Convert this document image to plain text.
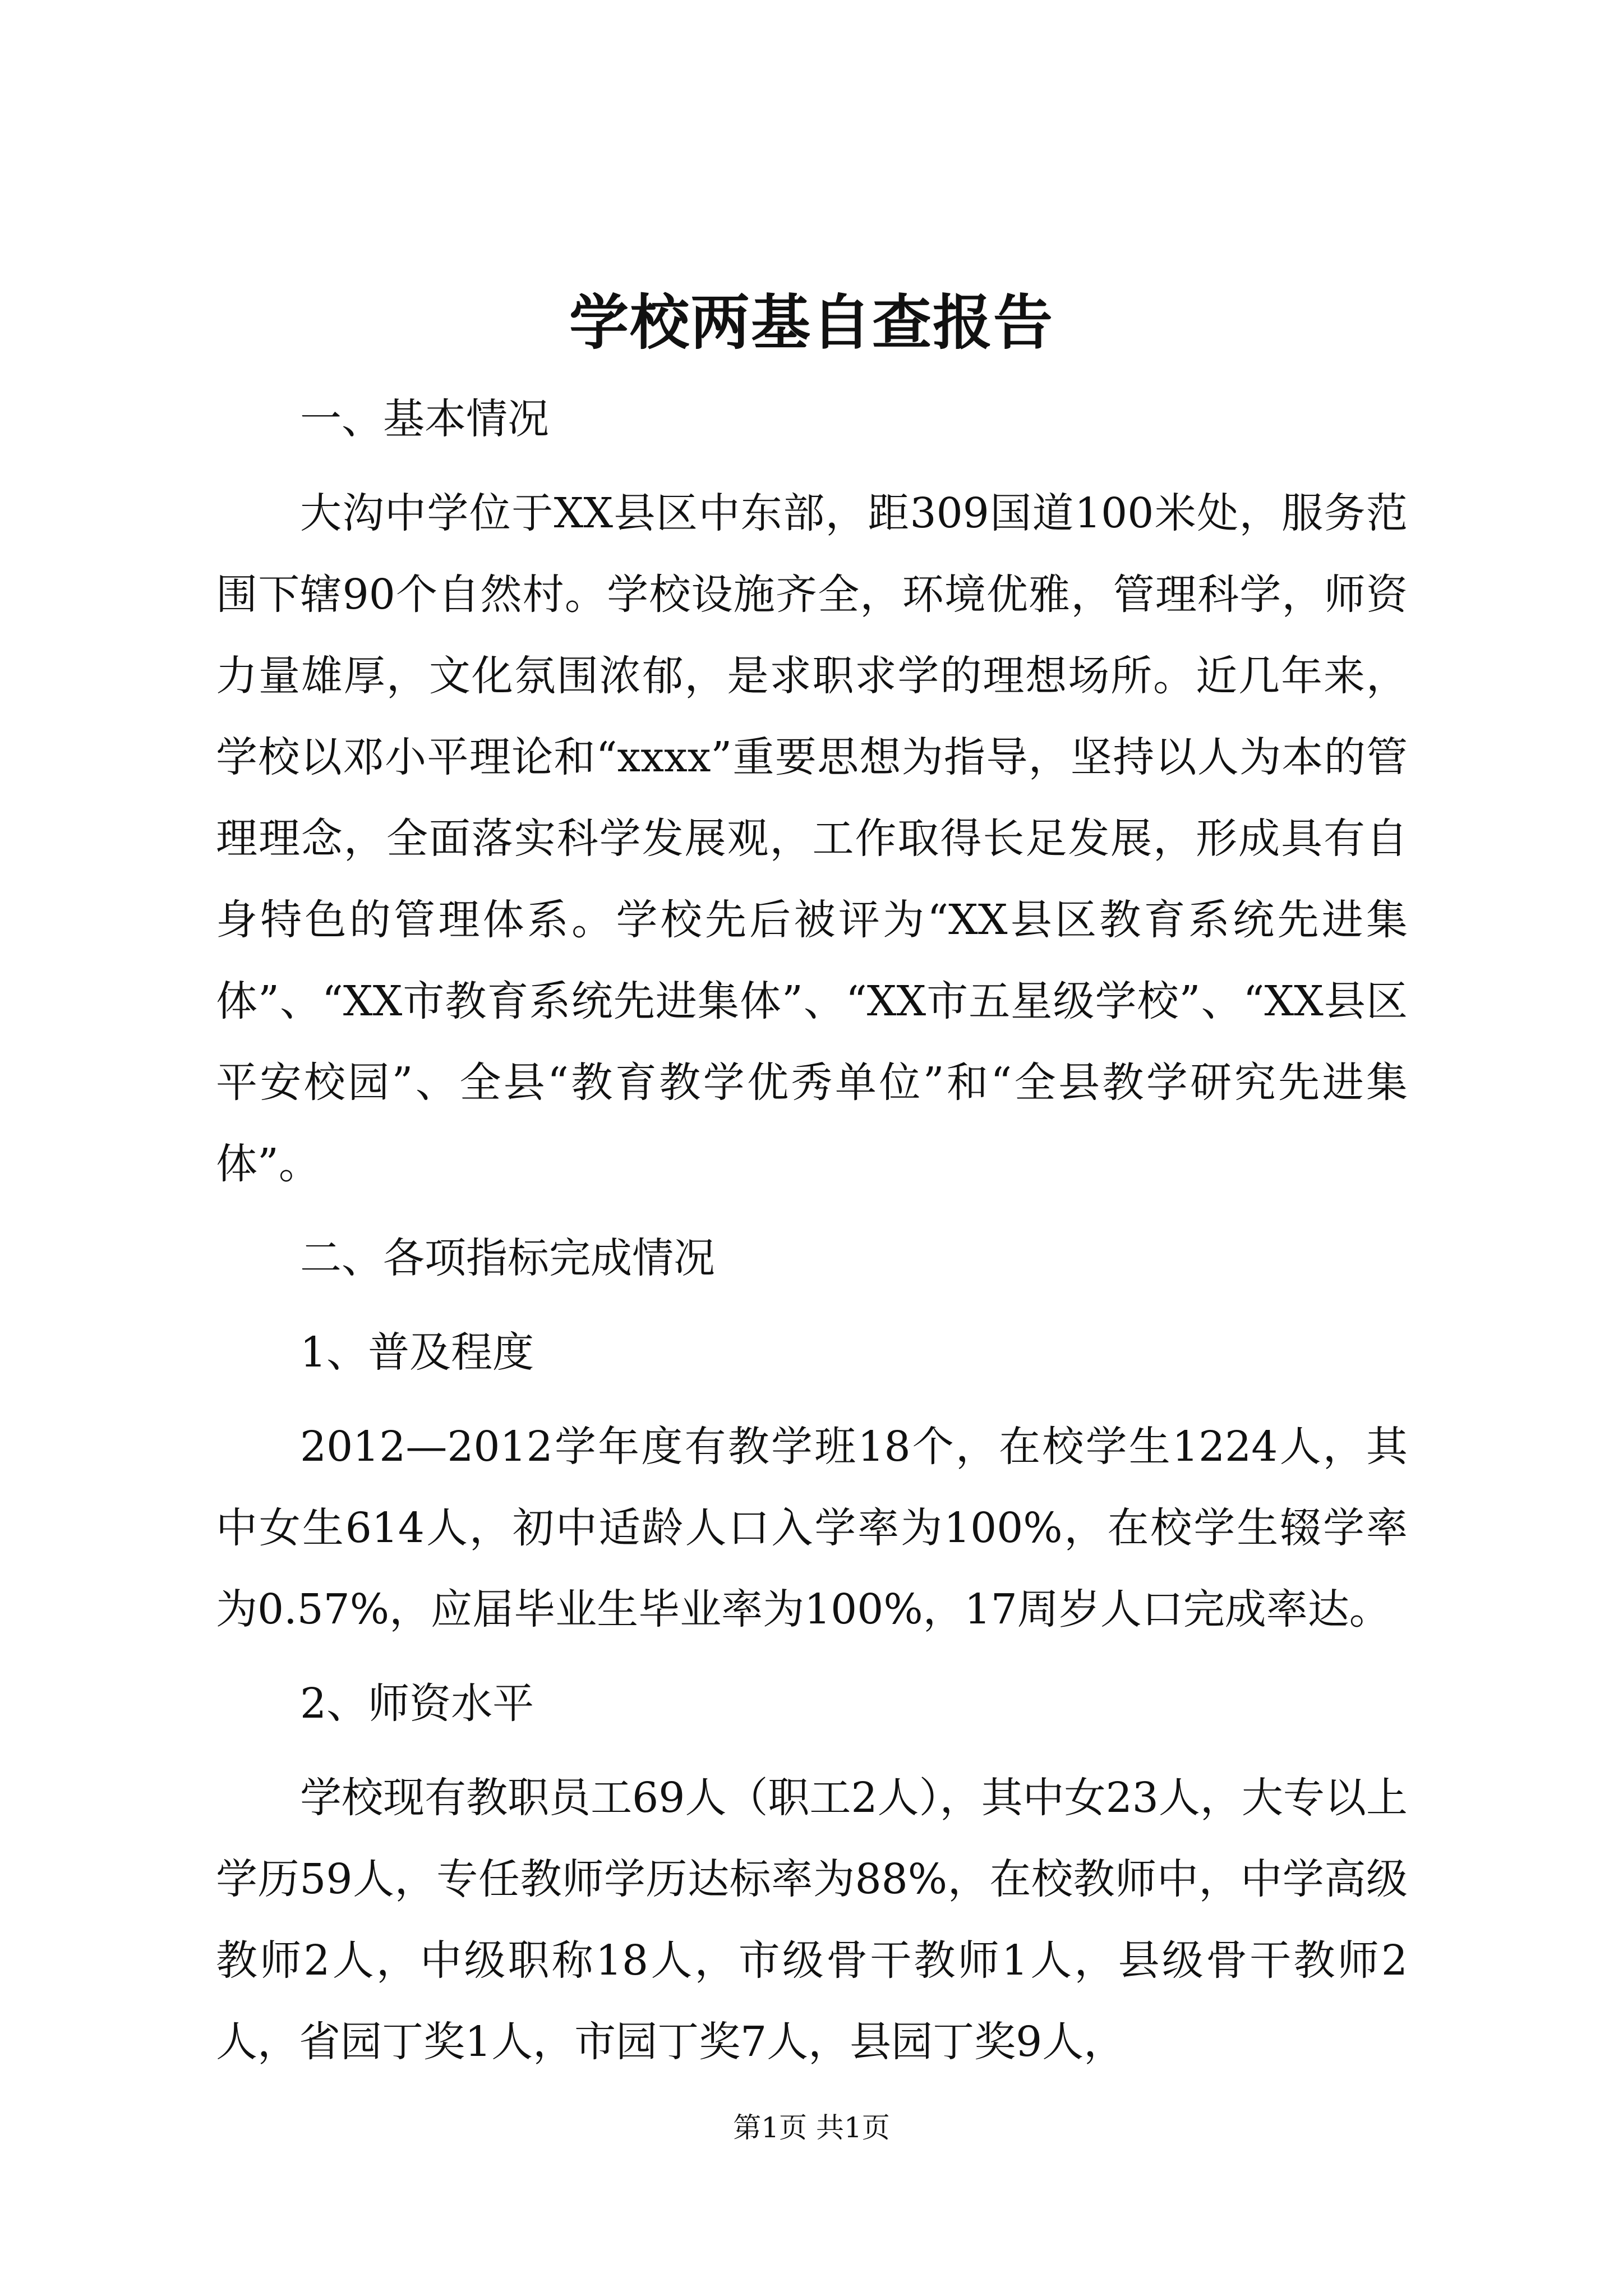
学校两基自查报告

一、基本情况

大沟中学位于XX县区中东部，距309国道100米处，服务范围下辖90个自然村。学校设施齐全，环境优雅，管理科学，师资力量雄厚，文化氛围浓郁，是求职求学的理想场所。近几年来，学校以邓小平理论和“xxxx”重要思想为指导，坚持以人为本的管理理念，全面落实科学发展观，工作取得长足发展，形成具有自身特色的管理体系。学校先后被评为“XX县区教育系统先进集体”、“XX市教育系统先进集体”、“XX市五星级学校”、“XX县区平安校园”、全县“教育教学优秀单位”和“全县教学研究先进集体”。

二、各项指标完成情况

1、普及程度

2012—2012学年度有教学班18个，在校学生1224人，其中女生614人，初中适龄人口入学率为100%，在校学生辍学率为0.57%，应届毕业生毕业率为100%，17周岁人口完成率达。

2、师资水平

学校现有教职员工69人（职工2人），其中女23人，大专以上学历59人，专任教师学历达标率为88%，在校教师中，中学高级教师2人，中级职称18人，市级骨干教师1人，县级骨干教师2人，省园丁奖1人，市园丁奖7人，县园丁奖9人，

第1页 共1页
